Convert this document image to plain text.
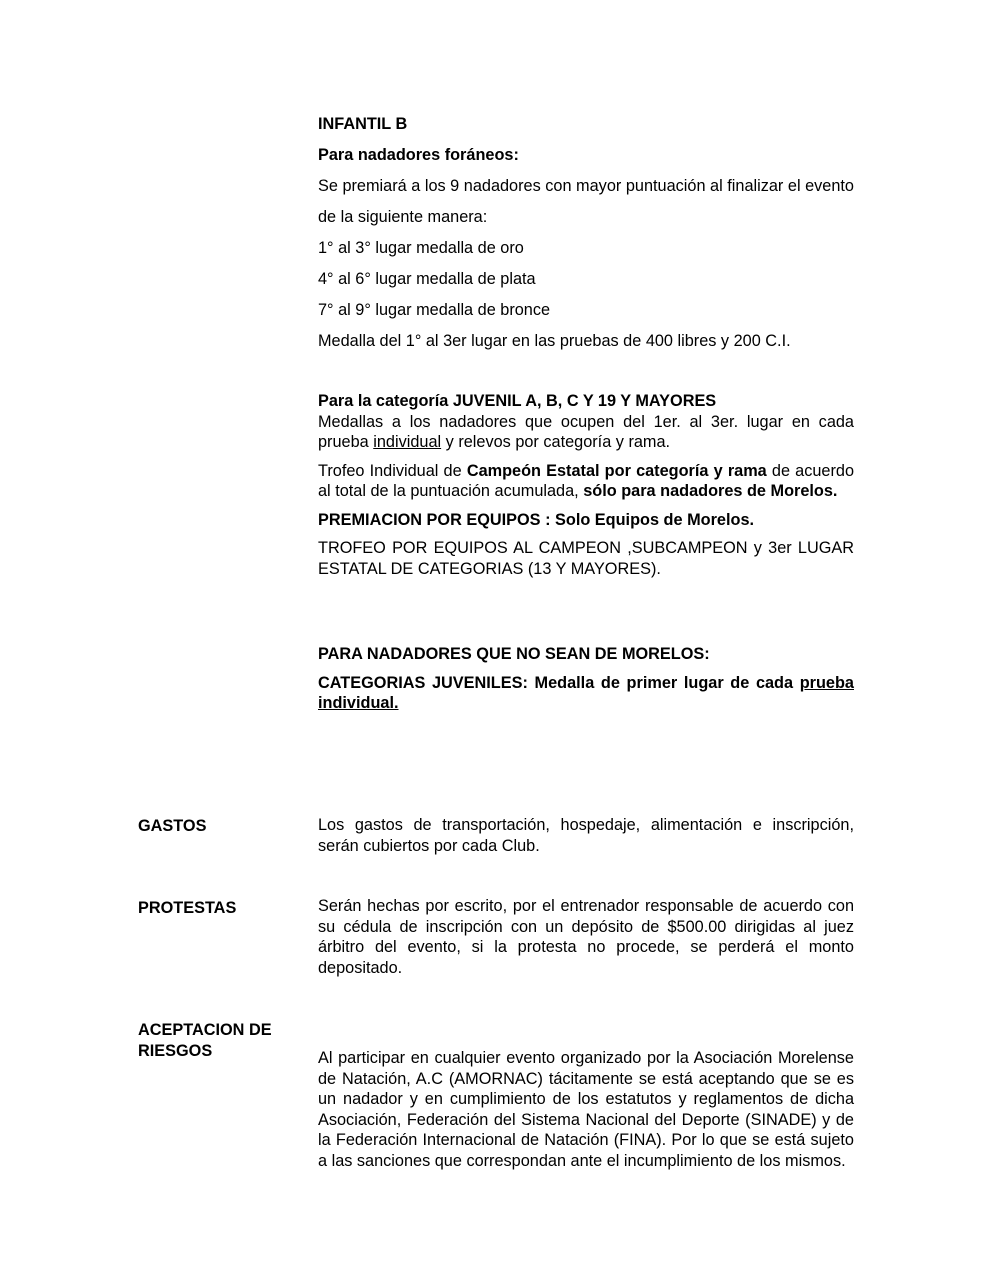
INFANTIL B

Para nadadores foráneos:

Se premiará a los 9 nadadores con mayor puntuación al finalizar el evento de la siguiente manera:

1° al 3° lugar medalla de oro

4° al 6° lugar medalla de plata

7° al 9° lugar medalla de bronce

Medalla del 1° al 3er lugar en las pruebas de 400 libres y 200 C.I.

Para la categoría JUVENIL A, B, C Y 19 Y MAYORES

Medallas a los nadadores que ocupen del 1er. al 3er. lugar en cada prueba individual y relevos por categoría y rama.

Trofeo Individual de Campeón Estatal por categoría y rama de acuerdo al total de la puntuación acumulada, sólo para nadadores de Morelos.

PREMIACION POR EQUIPOS : Solo Equipos de Morelos.

TROFEO POR EQUIPOS AL CAMPEON ,SUBCAMPEON y 3er LUGAR ESTATAL DE CATEGORIAS (13 Y MAYORES).

PARA NADADORES QUE NO SEAN DE MORELOS:

CATEGORIAS JUVENILES: Medalla de primer lugar de cada prueba individual.

GASTOS	Los gastos de transportación, hospedaje, alimentación e inscripción, serán cubiertos por cada Club.

PROTESTAS	Serán hechas por escrito, por el entrenador responsable de acuerdo con su cédula de inscripción con un depósito de $500.00 dirigidas al juez árbitro del evento, si la protesta no procede, se perderá el monto depositado.

ACEPTACION DE RIESGOS	Al participar en cualquier evento organizado por la Asociación Morelense de Natación, A.C (AMORNAC) tácitamente se está aceptando que se es un nadador y en cumplimiento de los estatutos y reglamentos de dicha Asociación, Federación del Sistema Nacional del Deporte (SINADE) y de la Federación Internacional de Natación (FINA). Por lo que se está sujeto a las sanciones que correspondan ante el incumplimiento de los mismos.
